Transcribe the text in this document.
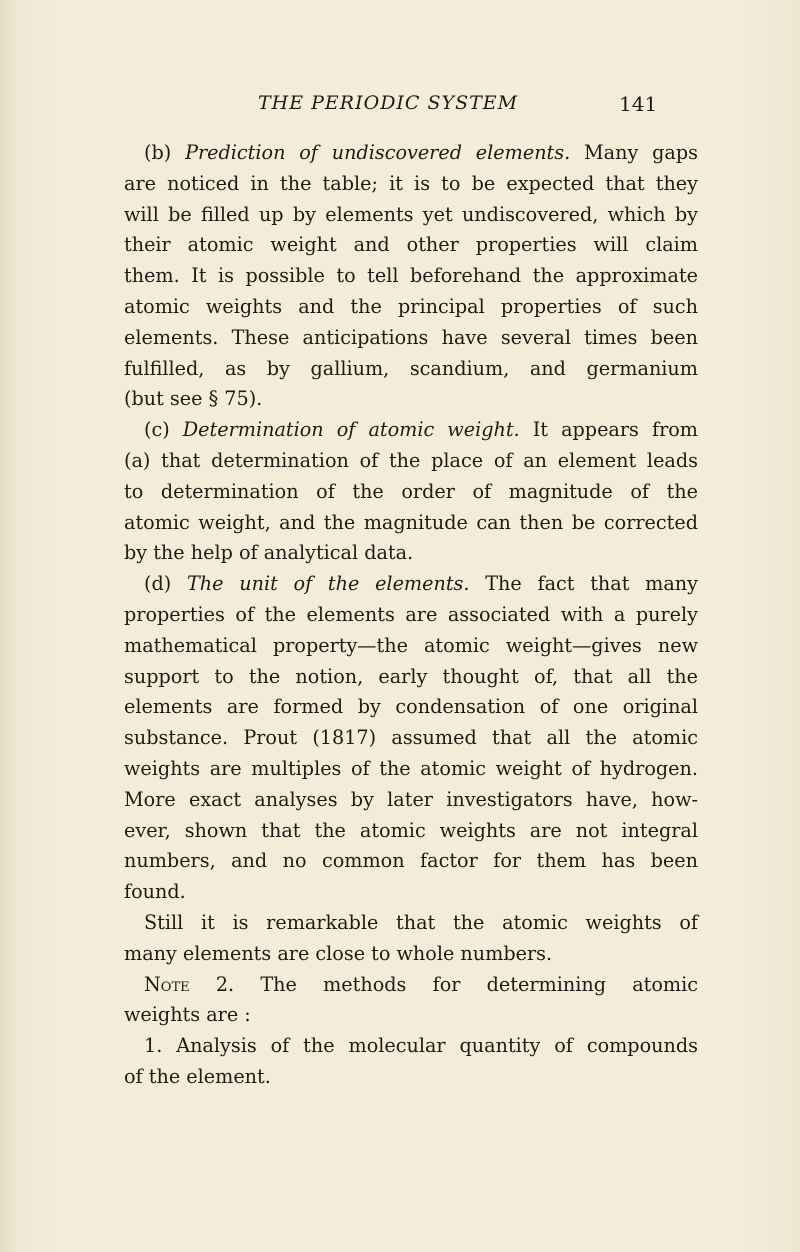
THE PERIODIC SYSTEM	141
(b) Prediction of undiscovered elements. Many gaps
are noticed in the table; it is to be expected that they
will be filled up by elements yet undiscovered, which by
their atomic weight and other properties will claim
them. It is possible to tell beforehand the approximate
atomic weights and the principal properties of such
elements. These anticipations have several times been
fulfilled, as by gallium, scandium, and germanium
(but see § 75).
(c) Determination of atomic weight. It appears from
(a) that determination of the place of an element leads
to determination of the order of magnitude of the
atomic weight, and the magnitude can then be corrected
by the help of analytical data.
(d) The unit of the elements. The fact that many
properties of the elements are associated with a purely
mathematical property—the atomic weight—gives new
support to the notion, early thought of, that all the
elements are formed by condensation of one original
substance. Prout (1817) assumed that all the atomic
weights are multiples of the atomic weight of hydrogen.
More exact analyses by later investigators have, how-
ever, shown that the atomic weights are not integral
numbers, and no common factor for them has been
found.
Still it is remarkable that the atomic weights of
many elements are close to whole numbers.
Note 2. The methods for determining atomic
weights are :
1. Analysis of the molecular quantity of compounds
of the element.
